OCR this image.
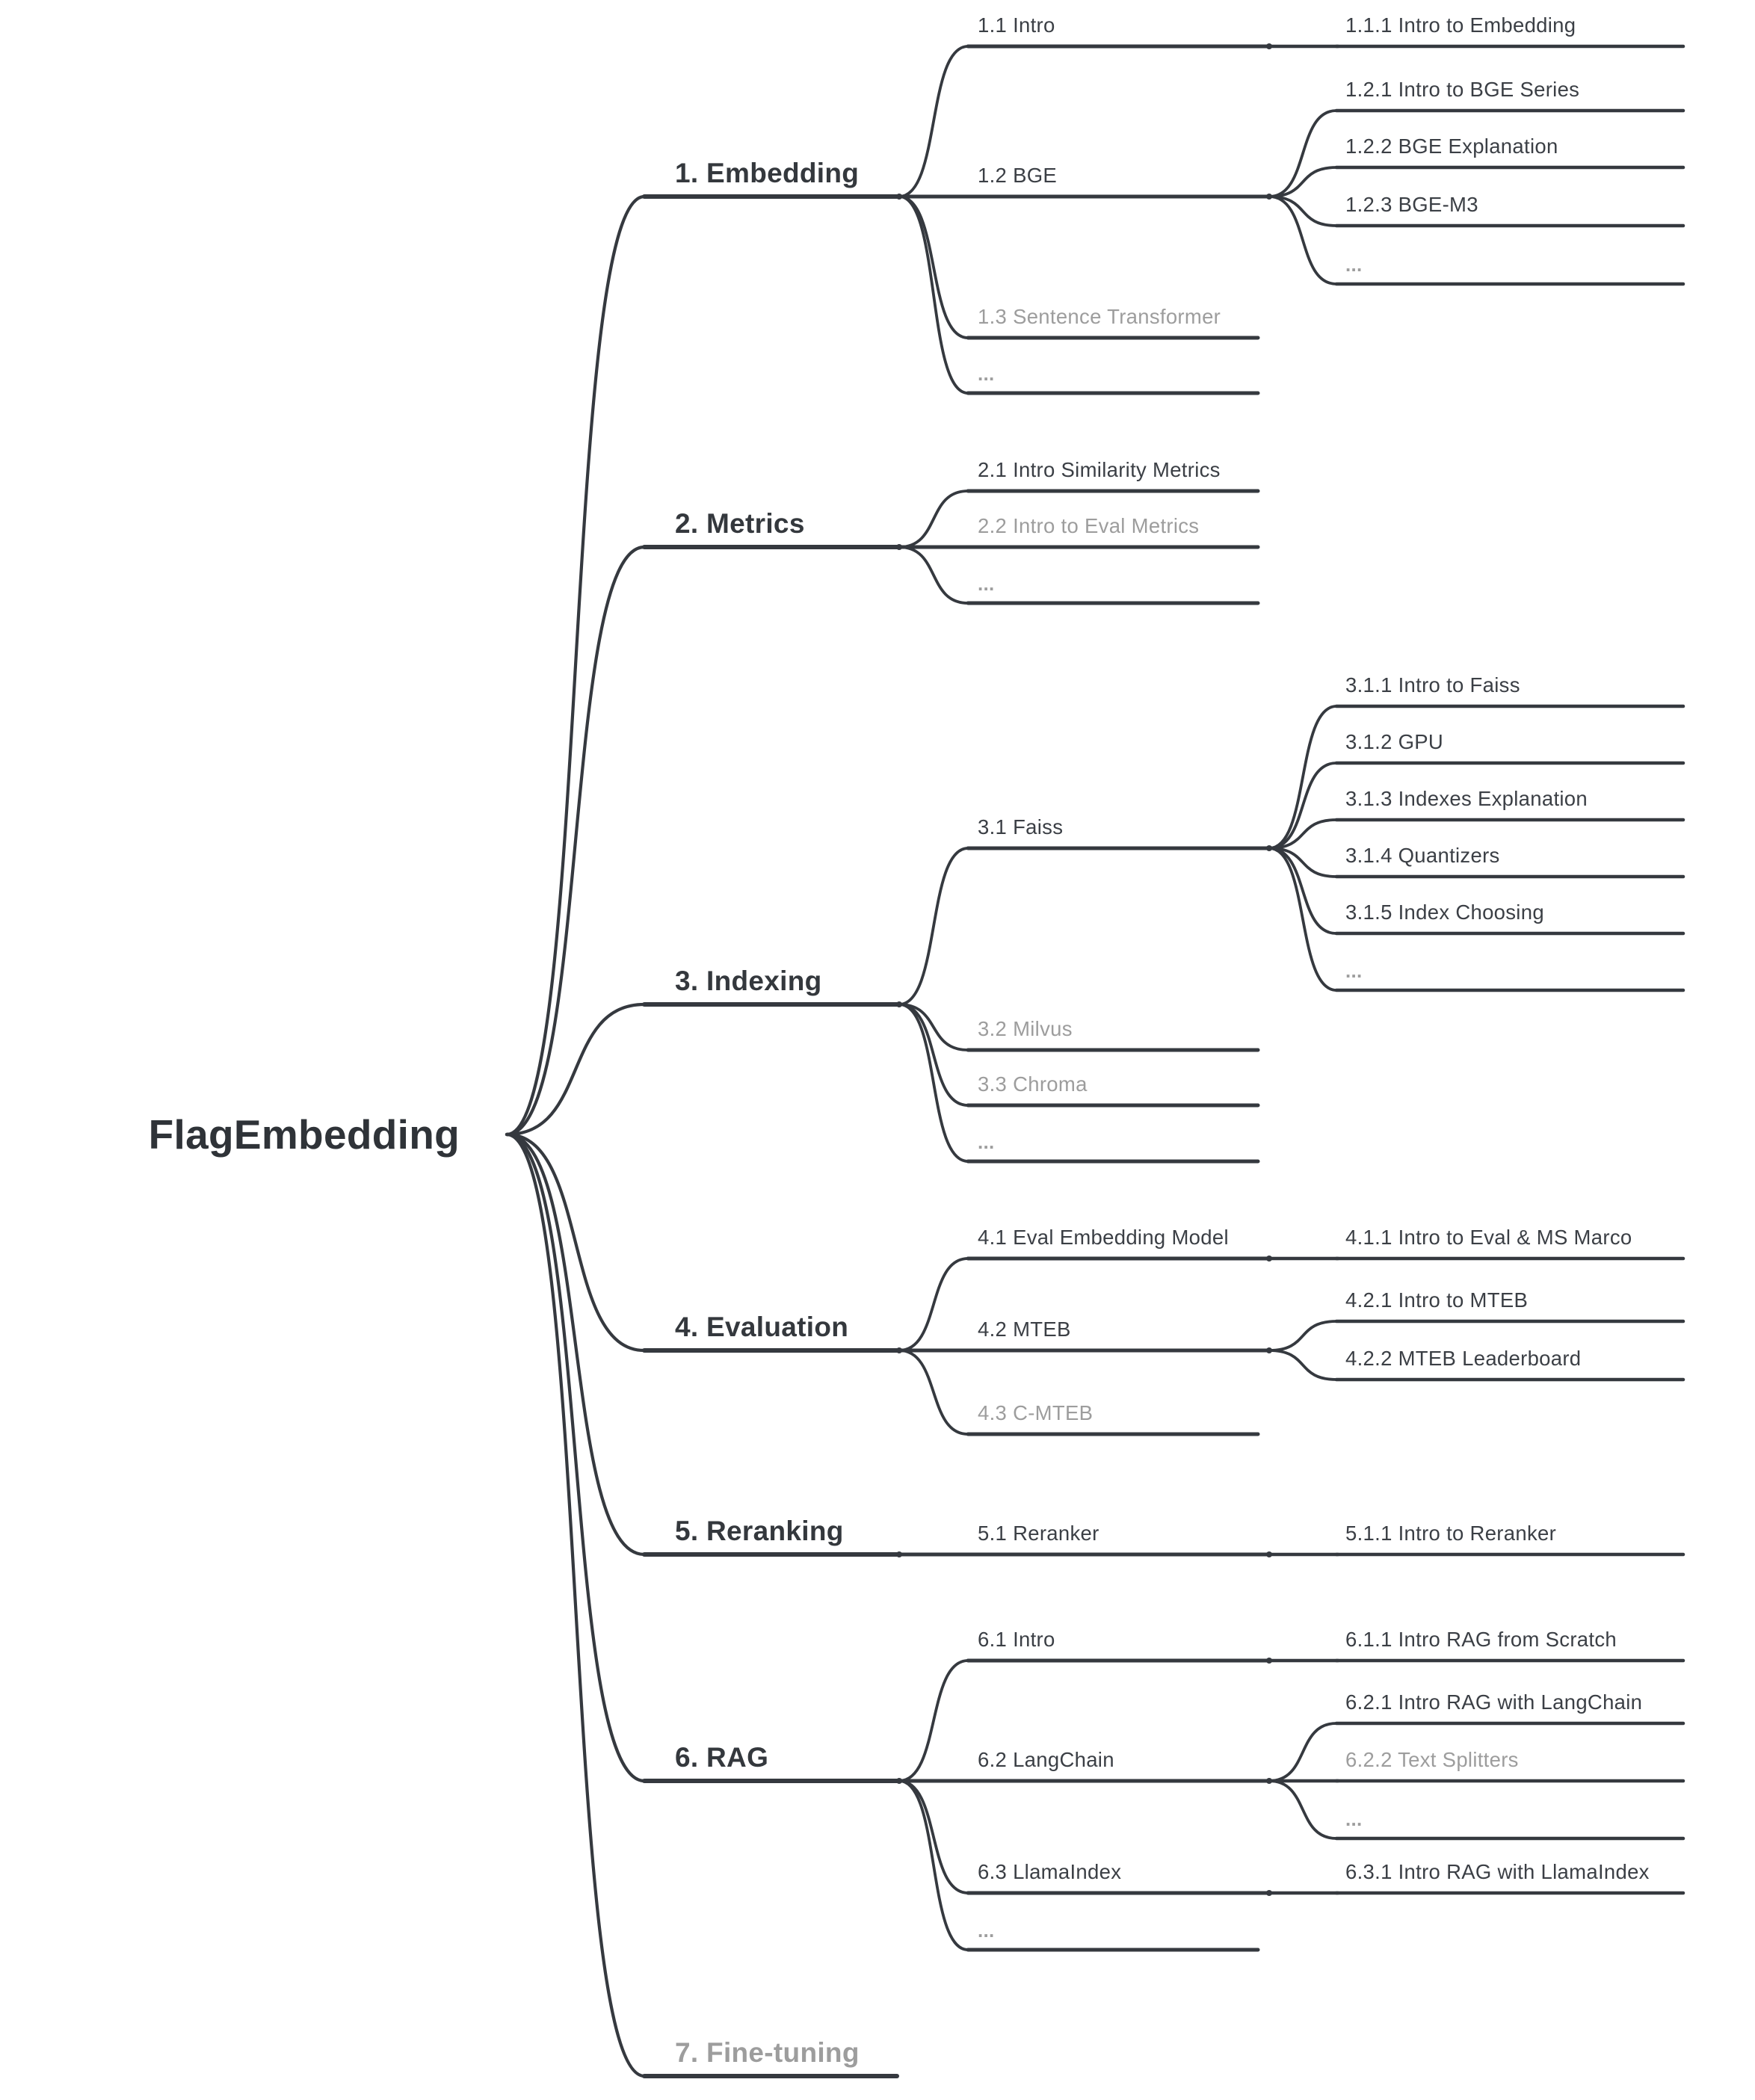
FlagEmbedding
1. Embedding
1.1 Intro	1.1.1 Intro to Embedding
1.2 BGE
1.2.1 Intro to BGE Series
1.2.2 BGE Explanation
1.2.3 BGE-M3
...
1.3 Sentence Transformer
...
2. Metrics
2.1 Intro Similarity Metrics
2.2 Intro to Eval Metrics
...
3. Indexing
3.1 Faiss
3.1.1 Intro to Faiss
3.1.2 GPU
3.1.3 Indexes Explanation
3.1.4 Quantizers
3.1.5 Index Choosing
...
3.2 Milvus
3.3 Chroma
...
4. Evaluation
4.1 Eval Embedding Model	4.1.1 Intro to Eval & MS Marco
4.2 MTEB
4.2.1 Intro to MTEB
4.2.2 MTEB Leaderboard
4.3 C-MTEB
5. Reranking	5.1 Reranker	5.1.1 Intro to Reranker
6. RAG
6.1 Intro	6.1.1 Intro RAG from Scratch
6.2 LangChain
6.2.1 Intro RAG with LangChain
6.2.2 Text Splitters
...
6.3 LlamaIndex	6.3.1 Intro RAG with LlamaIndex
...
7. Fine-tuning
